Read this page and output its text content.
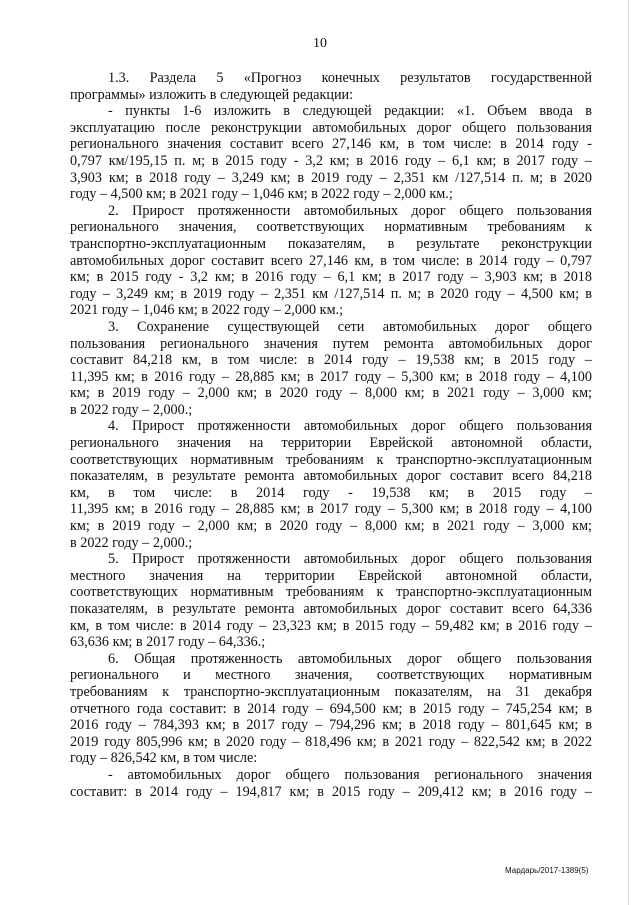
10
1.3. Раздела 5 «Прогноз конечных результатов государственной
программы» изложить в следующей редакции:
- пункты 1-6 изложить в следующей редакции: «1. Объем ввода в
эксплуатацию после реконструкции автомобильных дорог общего пользования
регионального значения составит всего 27,146 км, в том числе: в 2014 году -
0,797 км/195,15 п. м; в 2015 году - 3,2 км; в 2016 году – 6,1 км; в 2017 году –
3,903 км; в 2018 году – 3,249 км; в 2019 году – 2,351 км /127,514 п. м; в 2020
году – 4,500 км; в 2021 году – 1,046 км; в 2022 году – 2,000 км.;
2. Прирост протяженности автомобильных дорог общего пользования
регионального значения, соответствующих нормативным требованиям к
транспортно-эксплуатационным показателям, в результате реконструкции
автомобильных дорог составит всего 27,146 км, в том числе: в 2014 году – 0,797
км; в 2015 году - 3,2 км; в 2016 году – 6,1 км; в 2017 году – 3,903 км; в 2018
году – 3,249 км; в 2019 году – 2,351 км /127,514 п. м; в 2020 году – 4,500 км; в
2021 году – 1,046 км; в 2022 году – 2,000 км.;
3. Сохранение существующей сети автомобильных дорог общего
пользования регионального значения путем ремонта автомобильных дорог
составит 84,218 км, в том числе: в 2014 году – 19,538 км; в 2015 году –
11,395 км; в 2016 году – 28,885 км; в 2017 году – 5,300 км; в 2018 году – 4,100
км; в 2019 году – 2,000 км; в 2020 году – 8,000 км; в 2021 году – 3,000 км;
в 2022 году – 2,000.;
4. Прирост протяженности автомобильных дорог общего пользования
регионального значения на территории Еврейской автономной области,
соответствующих нормативным требованиям к транспортно-эксплуатационным
показателям, в результате ремонта автомобильных дорог составит всего 84,218
км, в том числе: в 2014 году - 19,538 км; в 2015 году –
11,395 км; в 2016 году – 28,885 км; в 2017 году – 5,300 км; в 2018 году – 4,100
км; в 2019 году – 2,000 км; в 2020 году – 8,000 км; в 2021 году – 3,000 км;
в 2022 году – 2,000.;
5. Прирост протяженности автомобильных дорог общего пользования
местного значения на территории Еврейской автономной области,
соответствующих нормативным требованиям к транспортно-эксплуатационным
показателям, в результате ремонта автомобильных дорог составит всего 64,336
км, в том числе: в 2014 году – 23,323 км; в 2015 году – 59,482 км; в 2016 году –
63,636 км; в 2017 году – 64,336.;
6. Общая протяженность автомобильных дорог общего пользования
регионального и местного значения, соответствующих нормативным
требованиям к транспортно-эксплуатационным показателям, на 31 декабря
отчетного года составит: в 2014 году – 694,500 км; в 2015 году – 745,254 км; в
2016 году – 784,393 км; в 2017 году – 794,296 км; в 2018 году – 801,645 км; в
2019 году 805,996 км; в 2020 году – 818,496 км; в 2021 году – 822,542 км; в 2022
году – 826,542 км, в том числе:
- автомобильных дорог общего пользования регионального значения
составит: в 2014 году – 194,817 км; в 2015 году – 209,412 км; в 2016 году –
Мардарь/2017-1389(5)
